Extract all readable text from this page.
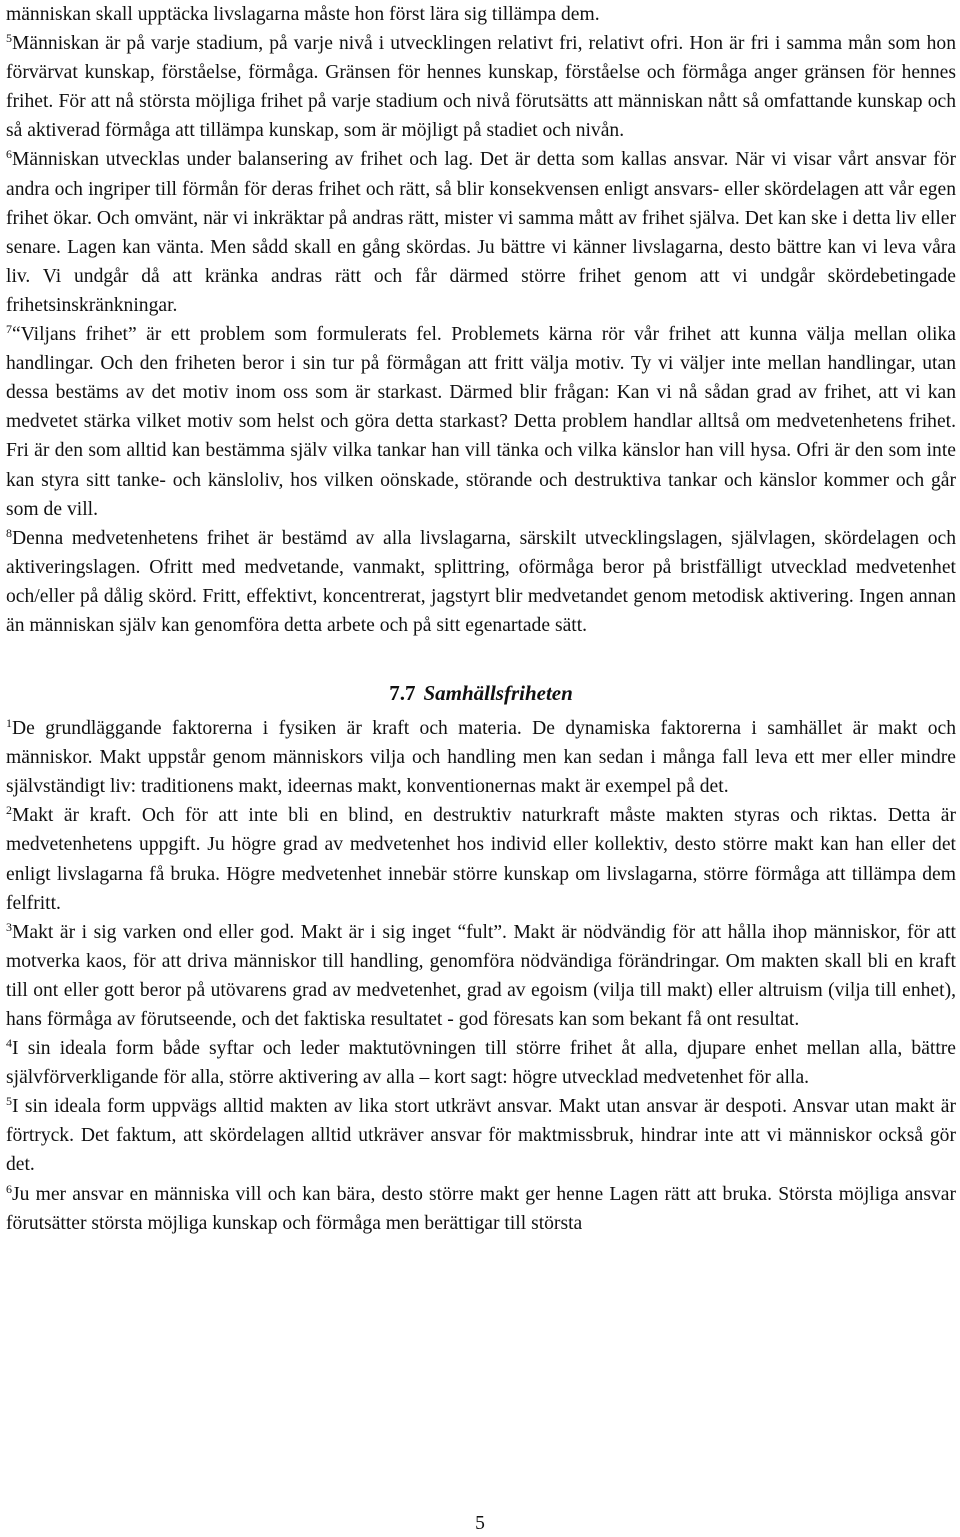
människan skall upptäcka livslagarna måste hon först lära sig tillämpa dem.

$^5$Människan är på varje stadium, på varje nivå i utvecklingen relativt fri, relativt ofri. Hon är fri i samma mån som hon förvärvat kunskap, förståelse, förmåga. Gränsen för hennes kunskap, förståelse och förmåga anger gränsen för hennes frihet. För att nå största möjliga frihet på varje stadium och nivå förutsätts att människan nått så omfattande kunskap och så aktiverad förmåga att tillämpa kunskap, som är möjligt på stadiet och nivån.

$^6$Människan utvecklas under balansering av frihet och lag. Det är detta som kallas ansvar. När vi visar vårt ansvar för andra och ingriper till förmån för deras frihet och rätt, så blir konsekvensen enligt ansvars- eller skördelagen att vår egen frihet ökar. Och omvänt, när vi inkräktar på andras rätt, mister vi samma mått av frihet själva. Det kan ske i detta liv eller senare. Lagen kan vänta. Men sådd skall en gång skördas. Ju bättre vi känner livslagarna, desto bättre kan vi leva våra liv. Vi undgår då att kränka andras rätt och får därmed större frihet genom att vi undgår skördebetingade frihetsinskränkningar.

$^7$“Viljans frihet” är ett problem som formulerats fel. Problemets kärna rör vår frihet att kunna välja mellan olika handlingar. Och den friheten beror i sin tur på förmågan att fritt välja motiv. Ty vi väljer inte mellan handlingar, utan dessa bestäms av det motiv inom oss som är starkast. Därmed blir frågan: Kan vi nå sådan grad av frihet, att vi kan medvetet stärka vilket motiv som helst och göra detta starkast? Detta problem handlar alltså om medvetenhetens frihet. Fri är den som alltid kan bestämma själv vilka tankar han vill tänka och vilka känslor han vill hysa. Ofri är den som inte kan styra sitt tanke- och känsloliv, hos vilken oönskade, störande och destruktiva tankar och känslor kommer och går som de vill.

$^8$Denna medvetenhetens frihet är bestämd av alla livslagarna, särskilt utvecklingslagen, självlagen, skördelagen och aktiveringslagen. Ofritt med medvetande, vanmakt, splittring, oförmåga beror på bristfälligt utvecklad medvetenhet och/eller på dålig skörd. Fritt, effektivt, koncentrerat, jagstyrt blir medvetandet genom metodisk aktivering. Ingen annan än människan själv kan genomföra detta arbete och på sitt egenartade sätt.

7.7 Samhällsfriheten

$^1$De grundläggande faktorerna i fysiken är kraft och materia. De dynamiska faktorerna i samhället är makt och människor. Makt uppstår genom människors vilja och handling men kan sedan i många fall leva ett mer eller mindre självständigt liv: traditionens makt, ideernas makt, konventionernas makt är exempel på det.

$^2$Makt är kraft. Och för att inte bli en blind, en destruktiv naturkraft måste makten styras och riktas. Detta är medvetenhetens uppgift. Ju högre grad av medvetenhet hos individ eller kollektiv, desto större makt kan han eller det enligt livslagarna få bruka. Högre medvetenhet innebär större kunskap om livslagarna, större förmåga att tillämpa dem felfritt.

$^3$Makt är i sig varken ond eller god. Makt är i sig inget “fult”. Makt är nödvändig för att hålla ihop människor, för att motverka kaos, för att driva människor till handling, genomföra nödvändiga förändringar. Om makten skall bli en kraft till ont eller gott beror på utövarens grad av medvetenhet, grad av egoism (vilja till makt) eller altruism (vilja till enhet), hans förmåga av förutseende, och det faktiska resultatet - god föresats kan som bekant få ont resultat.

$^4$I sin ideala form både syftar och leder maktutövningen till större frihet åt alla, djupare enhet mellan alla, bättre självförverkligande för alla, större aktivering av alla – kort sagt: högre utvecklad medvetenhet för alla.

$^5$I sin ideala form uppvägs alltid makten av lika stort utkrävt ansvar. Makt utan ansvar är despoti. Ansvar utan makt är förtryck. Det faktum, att skördelagen alltid utkräver ansvar för maktmissbruk, hindrar inte att vi människor också gör det.

$^6$Ju mer ansvar en människa vill och kan bära, desto större makt ger henne Lagen rätt att bruka. Största möjliga ansvar förutsätter största möjliga kunskap och förmåga men berättigar till största

5
